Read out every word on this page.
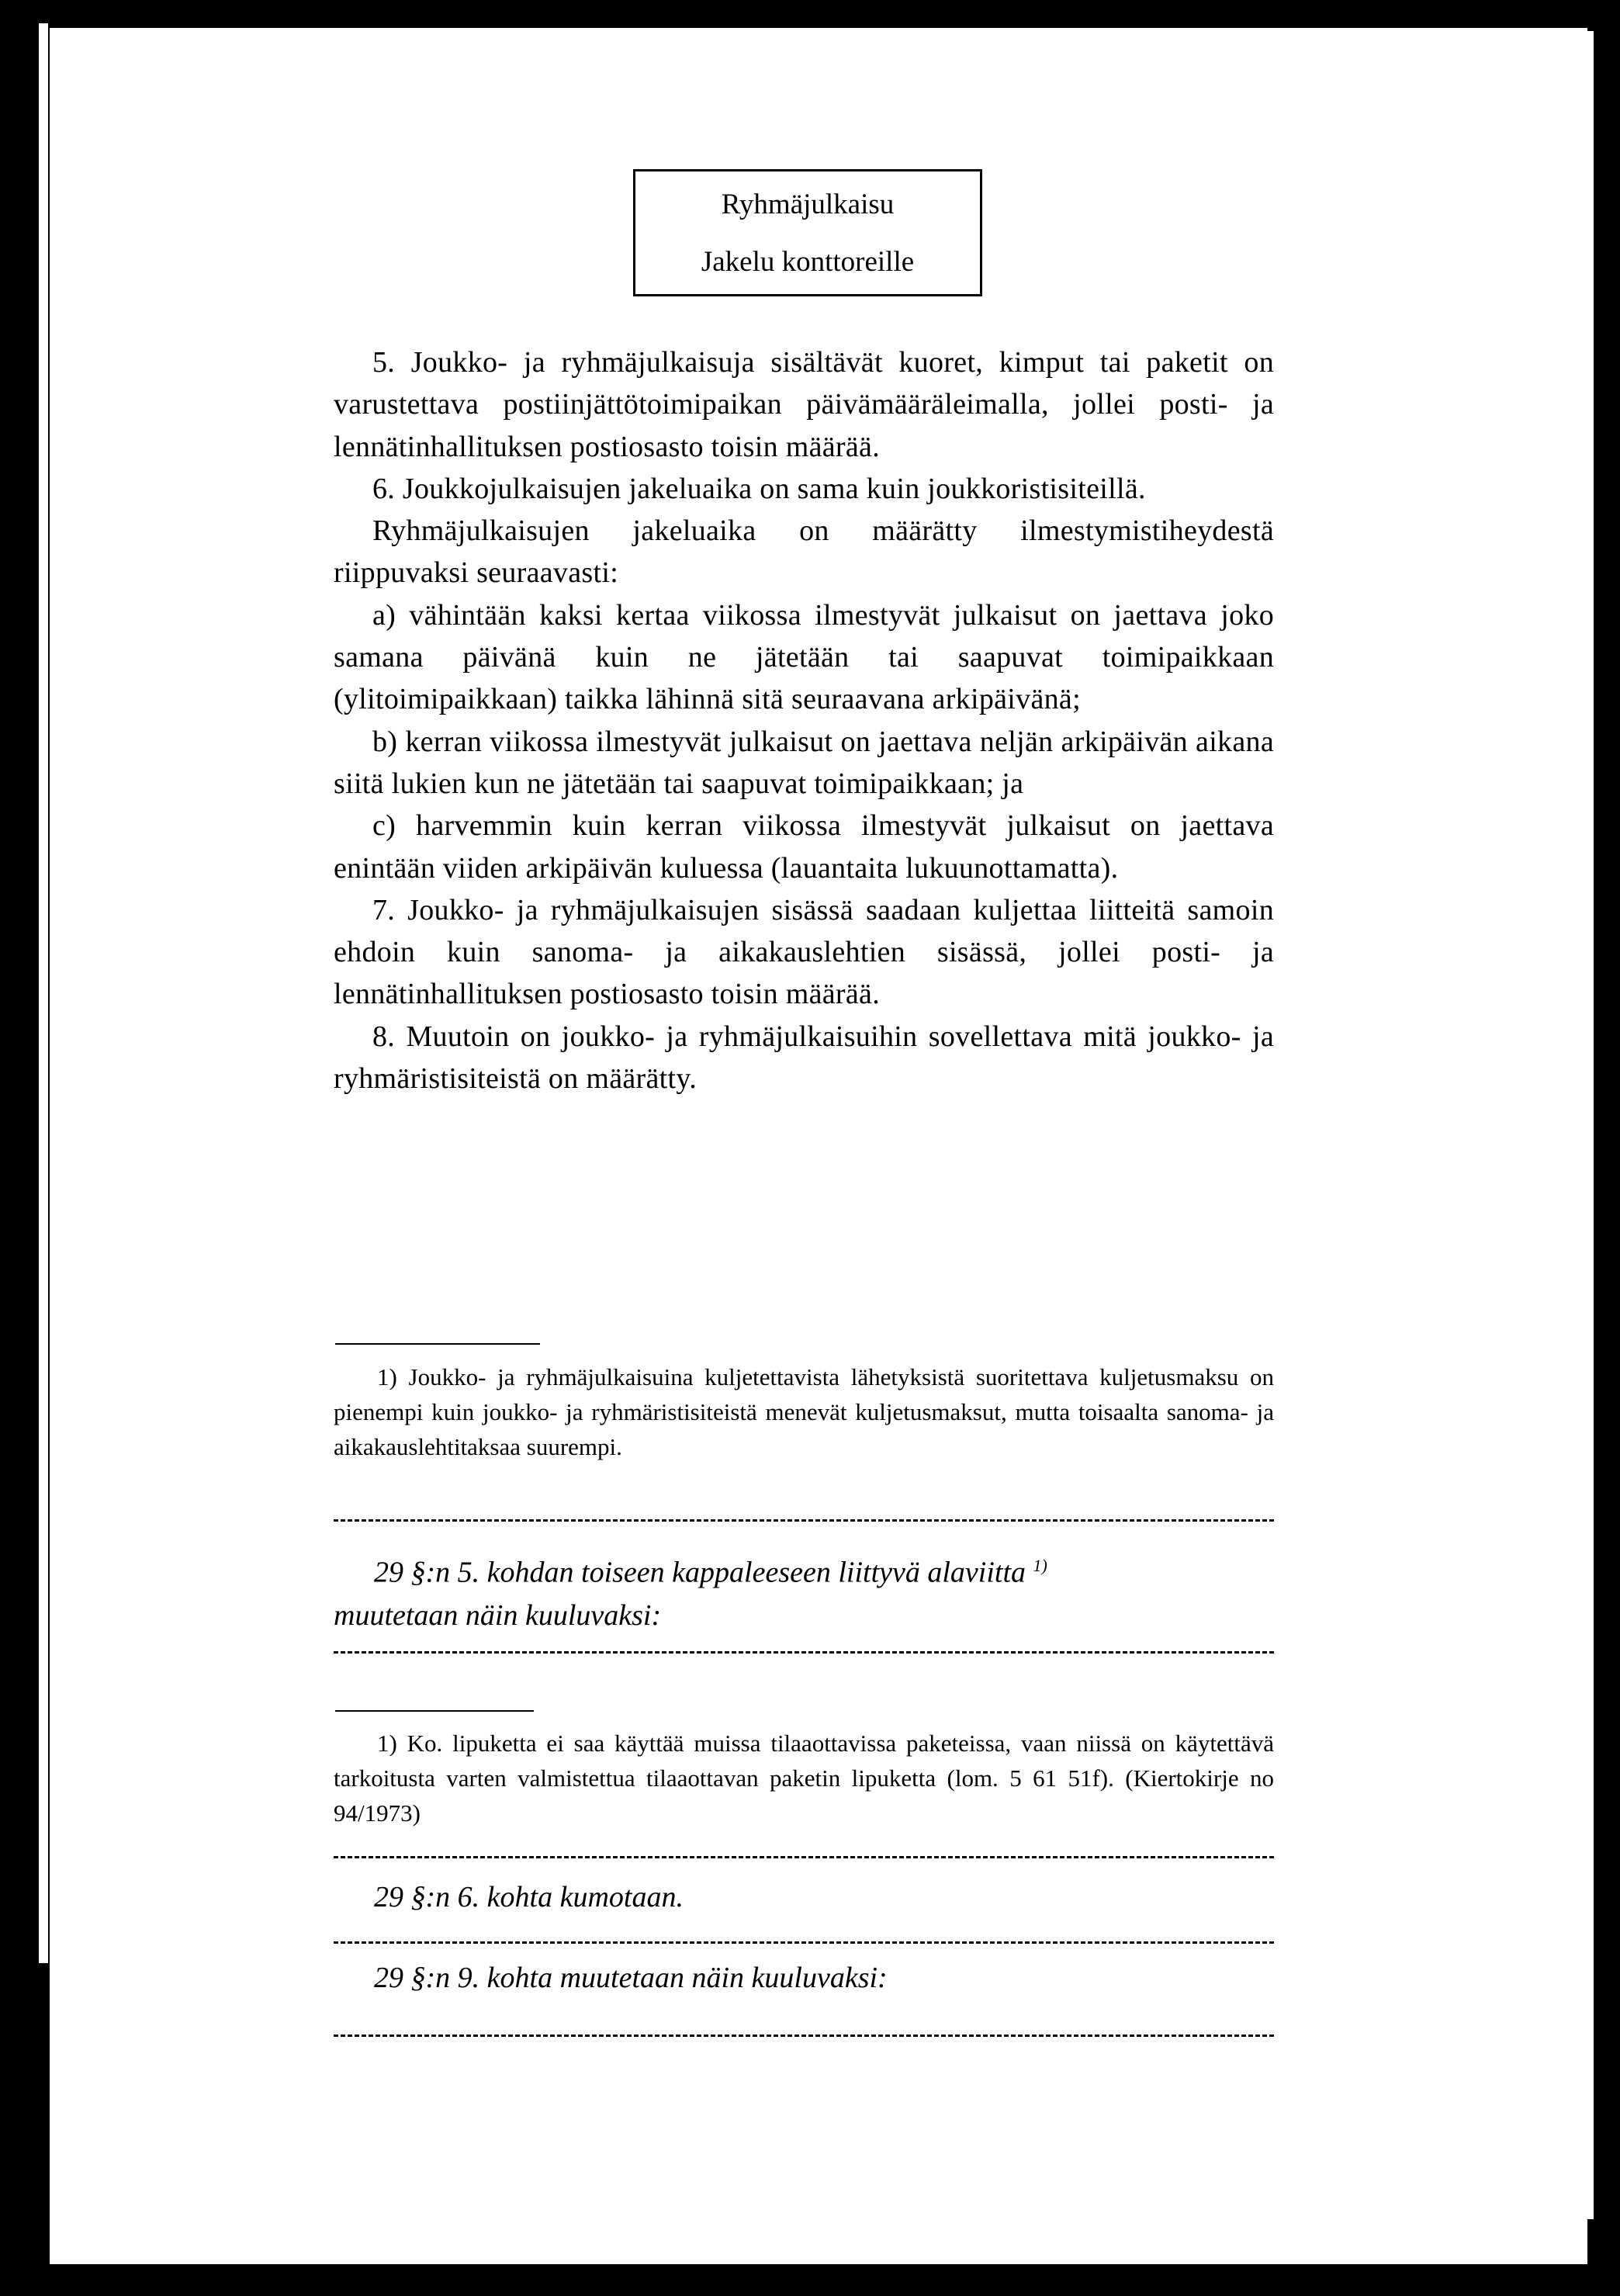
Ryhmäjulkaisu
Jakelu konttoreille

5. Joukko- ja ryhmäjulkaisuja sisältävät kuoret, kimput tai paketit on varustettava postiinjättötoimipaikan päivämääräleimalla, jollei posti- ja lennätinhallituksen postiosasto toisin määrää.

6. Joukkojulkaisujen jakeluaika on sama kuin joukkoristisiteillä.

Ryhmäjulkaisujen jakeluaika on määrätty ilmestymistiheydestä riippuvaksi seuraavasti:

a) vähintään kaksi kertaa viikossa ilmestyvät julkaisut on jaettava joko samana päivänä kuin ne jätetään tai saapuvat toimipaikkaan (ylitoimipaikkaan) taikka lähinnä sitä seuraavana arkipäivänä;

b) kerran viikossa ilmestyvät julkaisut on jaettava neljän arkipäivän aikana siitä lukien kun ne jätetään tai saapuvat toimipaikkaan; ja

c) harvemmin kuin kerran viikossa ilmestyvät julkaisut on jaettava enintään viiden arkipäivän kuluessa (lauantaita lukuunottamatta).

7. Joukko- ja ryhmäjulkaisujen sisässä saadaan kuljettaa liitteitä samoin ehdoin kuin sanoma- ja aikakauslehtien sisässä, jollei posti- ja lennätinhallituksen postiosasto toisin määrää.

8. Muutoin on joukko- ja ryhmäjulkaisuihin sovellettava mitä joukko- ja ryhmäristisiteistä on määrätty.

1) Joukko- ja ryhmäjulkaisuina kuljetettavista lähetyksistä suoritettava kuljetusmaksu on pienempi kuin joukko- ja ryhmäristisiteistä menevät kuljetusmaksut, mutta toisaalta sanoma- ja aikakauslehtitaksaa suurempi.

29 §:n 5. kohdan toiseen kappaleeseen liittyvä alaviitta $^{1)}$
muutetaan näin kuuluvaksi:

1) Ko. lipuketta ei saa käyttää muissa tilaaottavissa paketeissa, vaan niissä on käytettävä tarkoitusta varten valmistettua tilaaottavan paketin lipuketta (lom. 5 61 51f). (Kiertokirje no 94/1973)

29 §:n 6. kohta kumotaan.
29 §:n 9. kohta muutetaan näin kuuluvaksi:
